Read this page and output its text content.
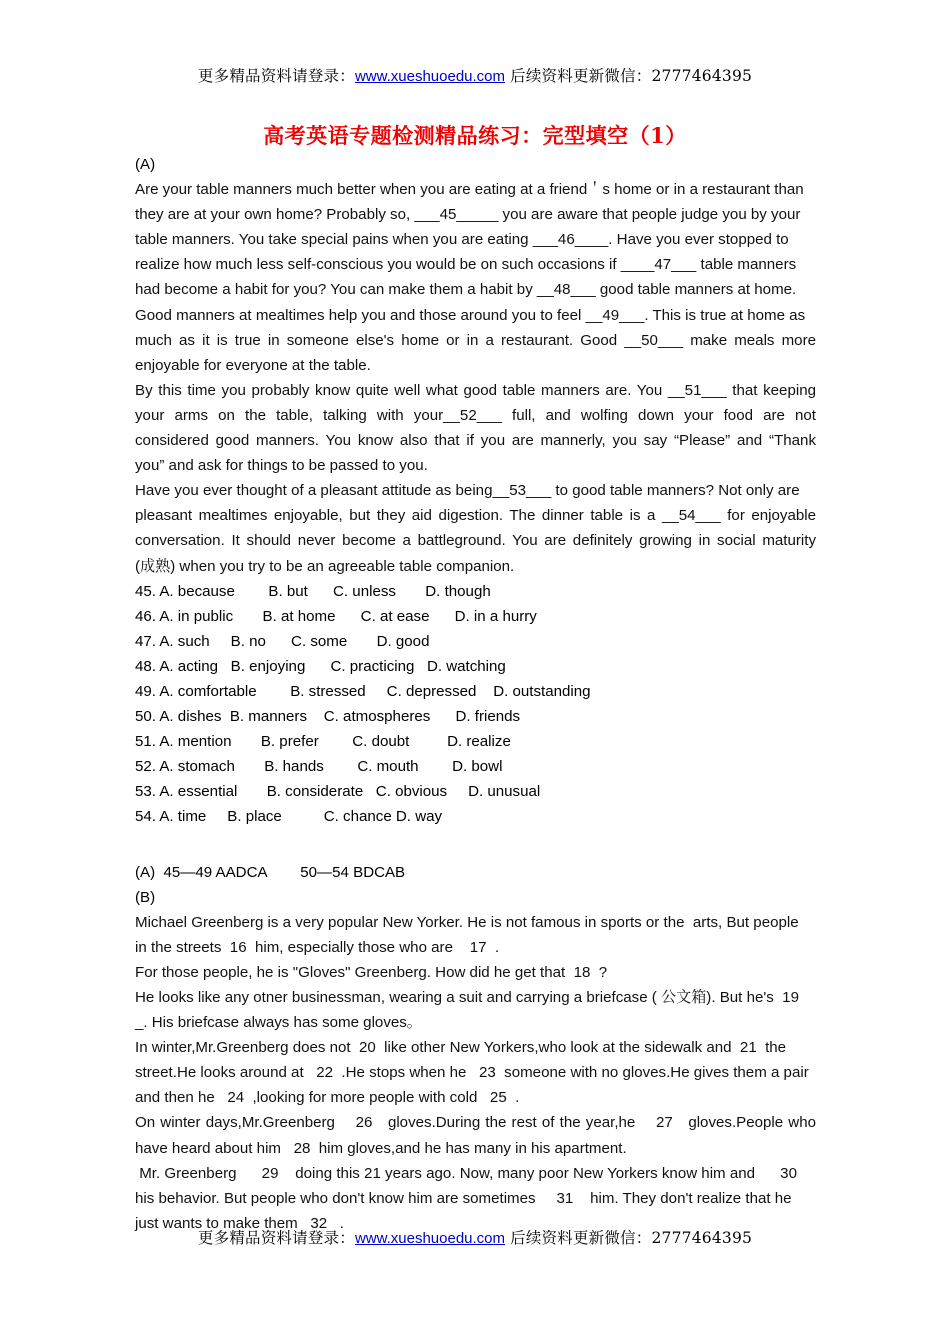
更多精品资料请登录：www.xueshuoedu.com 后续资料更新微信：2777464395
高考英语专题检测精品练习：完型填空（1）
(A)
Are your table manners much better when you are eating at a friend＇s home or in a restaurant than
they are at your own home? Probably so, ___45_____ you are aware that people judge you by your
table manners. You take special pains when you are eating ___46____. Have you ever stopped to
realize how much less self-conscious you would be on such occasions if ____47___ table manners
had become a habit for you? You can make them a habit by __48___ good table manners at home.
Good manners at mealtimes help you and those around you to feel __49___. This is true at home as
much as it is true in someone else's home or in a restaurant. Good __50___ make meals more
enjoyable for everyone at the table.
By this time you probably know quite well what good table manners are. You __51___ that keeping
your arms on the table, talking with your__52___ full, and wolfing down your food are not
considered good manners. You know also that if you are mannerly, you say “Please” and “Thank
you” and ask for things to be passed to you.
Have you ever thought of a pleasant attitude as being__53___ to good table manners? Not only are
pleasant mealtimes enjoyable, but they aid digestion. The dinner table is a __54___ for enjoyable
conversation. It should never become a battleground. You are definitely growing in social maturity
(成熟) when you try to be an agreeable table companion.
45. A. because        B. but      C. unless       D. though
46. A. in public       B. at home      C. at ease      D. in a hurry
47. A. such     B. no      C. some       D. good
48. A. acting   B. enjoying      C. practicing   D. watching
49. A. comfortable        B. stressed     C. depressed    D. outstanding
50. A. dishes  B. manners    C. atmospheres      D. friends
51. A. mention       B. prefer        C. doubt         D. realize
52. A. stomach       B. hands        C. mouth        D. bowl
53. A. essential       B. considerate   C. obvious     D. unusual
54. A. time     B. place          C. chance D. way
(A)  45—49 AADCA        50—54 BDCAB
(B)
Michael Greenberg is a very popular New Yorker. He is not famous in sports or the  arts, But people
in the streets  16  him, especially those who are    17  .
For those people, he is "Gloves" Greenberg. How did he get that  18  ?
He looks like any otner businessman, wearing a suit and carrying a briefcase ( 公文箱). But he's  19
_. His briefcase always has some gloves。
In winter,Mr.Greenberg does not  20  like other New Yorkers,who look at the sidewalk and  21  the
street.He looks around at   22  .He stops when he   23  someone with no gloves.He gives them a pair
and then he   24  ,looking for more people with cold   25  .
On winter days,Mr.Greenberg    26   gloves.During the rest of the year,he    27   gloves.People who
have heard about him   28  him gloves,and he has many in his apartment.
Mr. Greenberg      29    doing this 21 years ago. Now, many poor New Yorkers know him and      30
his behavior. But people who don't know him are sometimes     31    him. They don't realize that he
just wants to make them   32   .
更多精品资料请登录：www.xueshuoedu.com 后续资料更新微信：2777464395
